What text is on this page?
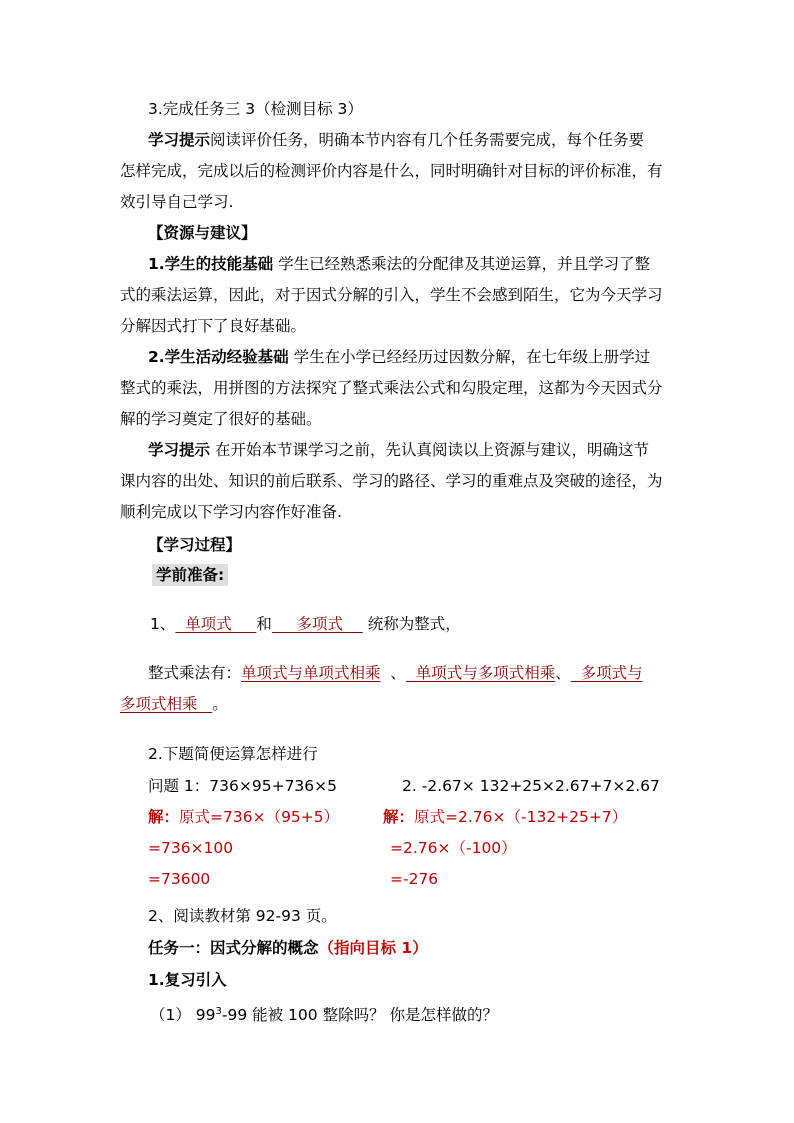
3.完成任务三 3（检测目标 3）
学习提示阅读评价任务，明确本节内容有几个任务需要完成，每个任务要
怎样完成，完成以后的检测评价内容是什么，同时明确针对目标的评价标准，有
效引导自己学习.
【资源与建议】
1.学生的技能基础 学生已经熟悉乘法的分配律及其逆运算，并且学习了整
式的乘法运算，因此，对于因式分解的引入，学生不会感到陌生，它为今天学习
分解因式打下了良好基础。
2.学生活动经验基础 学生在小学已经经历过因数分解，在七年级上册学过
整式的乘法，用拼图的方法探究了整式乘法公式和勾股定理，这都为今天因式分
解的学习奠定了很好的基础。
学习提示 在开始本节课学习之前，先认真阅读以上资源与建议，明确这节
课内容的出处、知识的前后联系、学习的路径、学习的重难点及突破的途径，为
顺利完成以下学习内容作好准备.
【学习过程】
学前准备:
1、 单项式 和 多项式 统称为整式，
整式乘法有：单项式与单项式相乘 、 单项式与多项式相乘、 多项式与
多项式相乘 。
2.下题简便运算怎样进行
问题 1：736×95+736×5	2. -2.67× 132+25×2.67+7×2.67
解：原式=736×（95+5）	解：原式=2.76×（-132+25+7）
=736×100	=2.76×（-100）
=73600	=-276
2、阅读教材第 92-93 页。
任务一：因式分解的概念（指向目标 1）
1.复习引入
（1） $99^3-99$ 能被 100 整除吗？ 你是怎样做的？
